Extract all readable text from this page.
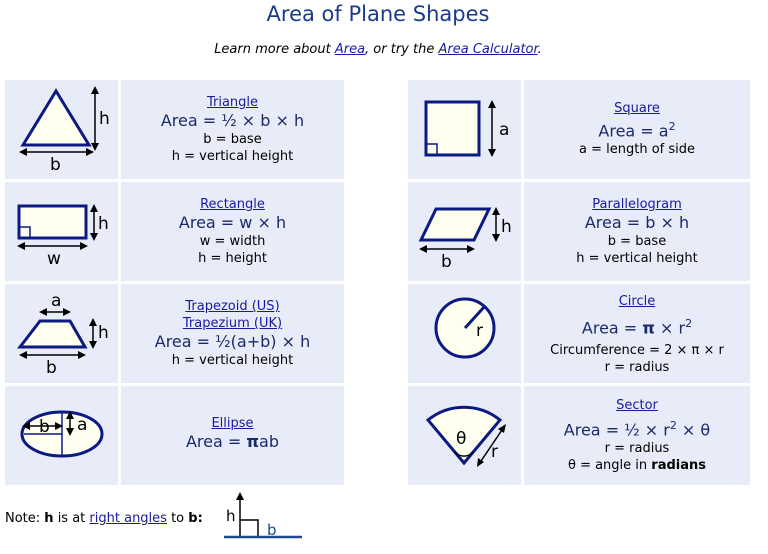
Area of Plane Shapes
Learn more about Area, or try the Area Calculator.
h
b
Triangle
Area = ½ × b × h
b = base
h = vertical height
h
w
Rectangle
Area = w × h
w = width
h = height
a
h
b
Trapezoid (US)
Trapezium (UK)
Area = ½(a+b) × h
h = vertical height
b a	Ellipse
Area = πab
a
Square
Area = $a^2$
a = length of side
h
b
Parallelogram
Area = b × h
b = base
h = vertical height
r
Circle
Area = $\pi \times r^2$
Circumference = 2 × π × r
r = radius
θ
r
Sector
Area = ½ × $r^2 \times \theta$
r = radius
θ = angle in radians
Note: h is at right angles to b: h
b
